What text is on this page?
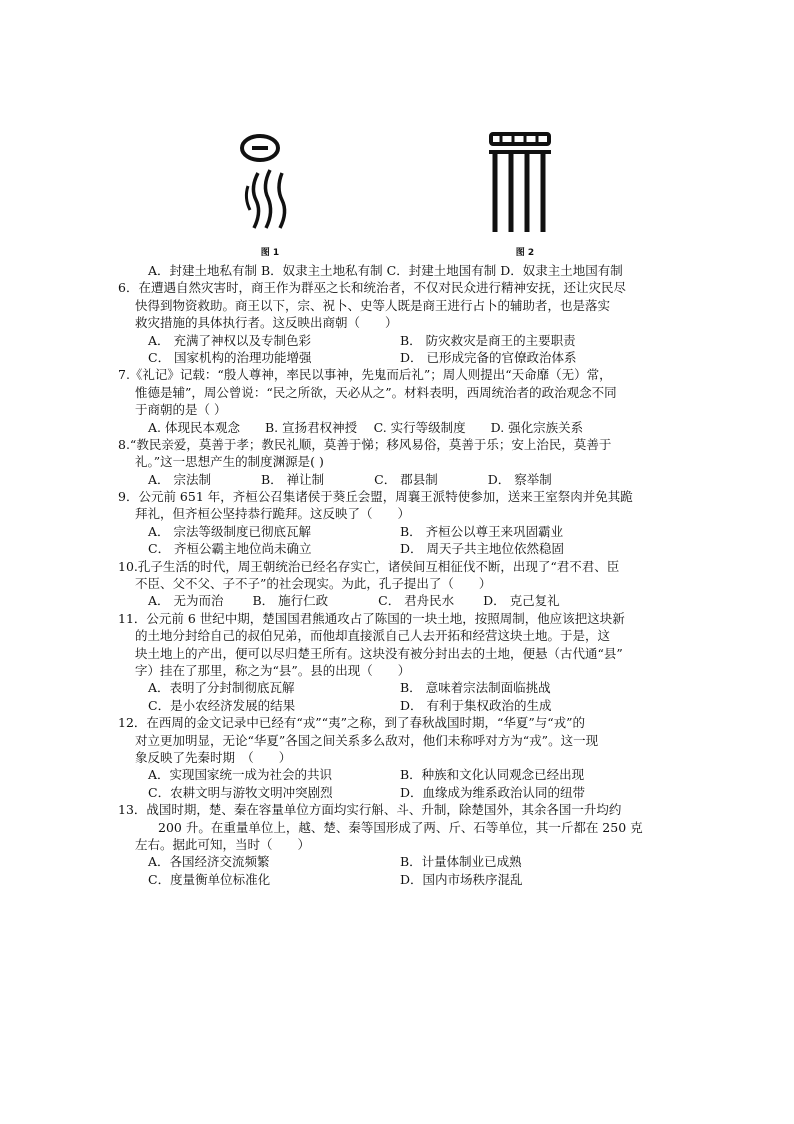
图 1	图 2
A．封建土地私有制 B．奴隶主土地私有制 C．封建土地国有制 D．奴隶主土地国有制
6．在遭遇自然灾害时，商王作为群巫之长和统治者，不仅对民众进行精神安抚，还让灾民尽
快得到物资救助。商王以下，宗、祝卜、史等人既是商王进行占卜的辅助者，也是落实
救灾措施的具体执行者。这反映出商朝（　　）
A． 充满了神权以及专制色彩	B． 防灾救灾是商王的主要职责
C． 国家机构的治理功能增强	D． 已形成完备的官僚政治体系
7.《礼记》记载：“殷人尊神，率民以事神，先鬼而后礼”；周人则提出“天命靡（无）常，
惟德是辅”，周公曾说：“民之所欲，天必从之”。材料表明，西周统治者的政治观念不同
于商朝的是（ ）
A. 体现民本观念　　B. 宣扬君权神授　 C. 实行等级制度　　D. 强化宗族关系
8.“教民亲爱，莫善于孝；教民礼顺，莫善于悌；移风易俗，莫善于乐；安上治民，莫善于
礼。”这一思想产生的制度渊源是( )
A． 宗法制　　　　B． 禅让制　　　　C． 郡县制　　　　D． 察举制
9．公元前 651 年，齐桓公召集诸侯于葵丘会盟，周襄王派特使参加，送来王室祭肉并免其跪
拜礼，但齐桓公坚持恭行跪拜。这反映了（　　）
A． 宗法等级制度已彻底瓦解	B． 齐桓公以尊王来巩固霸业
C． 齐桓公霸主地位尚未确立	D． 周天子共主地位依然稳固
10.孔子生活的时代，周王朝统治已经名存实亡，诸侯间互相征伐不断，出现了“君不君、臣
不臣、父不父、子不子”的社会现实。为此，孔子提出了（　　）
A． 无为而治　　 B． 施行仁政　　　　C． 君舟民水　　 D． 克己复礼
11．公元前 6 世纪中期，楚国国君熊通攻占了陈国的一块土地，按照周制，他应该把这块新
的土地分封给自己的叔伯兄弟，而他却直接派自己人去开拓和经营这块土地。于是，这
块土地上的产出，便可以尽归楚王所有。这块没有被分封出去的土地，便悬（古代通“县”
字）挂在了那里，称之为“县”。县的出现（　　）
A．表明了分封制彻底瓦解	B． 意味着宗法制面临挑战
C．是小农经济发展的结果	D． 有利于集权政治的生成
12．在西周的金文记录中已经有“戎”“夷”之称，到了春秋战国时期，“华夏”与“戎”的
对立更加明显，无论“华夏”各国之间关系多么敌对，他们未称呼对方为“戎”。这一现
象反映了先秦时期　（　　）
A．实现国家统一成为社会的共识	B．种族和文化认同观念已经出现
C．农耕文明与游牧文明冲突剧烈	D．血缘成为维系政治认同的纽带
13．战国时期，楚、秦在容量单位方面均实行斛、斗、升制，除楚国外，其余各国一升均约
200 升。在重量单位上，越、楚、秦等国形成了两、斤、石等单位，其一斤都在 250 克
左右。据此可知，当时（　　）
A．各国经济交流频繁	B．计量体制业已成熟
C．度量衡单位标准化	D．国内市场秩序混乱
